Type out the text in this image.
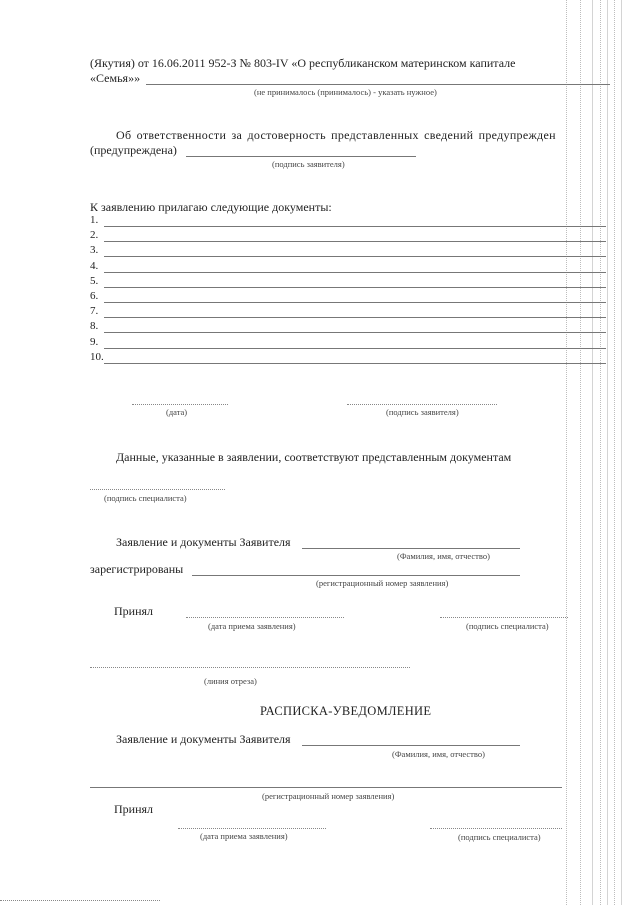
(Якутия) от 16.06.2011 952-З № 803-IV «О республиканском материнском капитале
«Семья»»
(не принималось (принималось) - указать нужное)
Об ответственности за достоверность представленных сведений предупрежден
(предупреждена)
(подпись заявителя)
К заявлению прилагаю следующие документы:
1.
2.
3.
4.
5.
6.
7.
8.
9.
10.
(дата)	(подпись заявителя)
Данные, указанные в заявлении, соответствуют представленным документам
(подпись специалиста)
Заявление и документы Заявителя
(Фамилия, имя, отчество)
зарегистрированы
(регистрационный номер заявления)
Принял
(дата приема заявления)	(подпись специалиста)
(линия отреза)
РАСПИСКА-УВЕДОМЛЕНИЕ
Заявление и документы Заявителя
(Фамилия, имя, отчество)
(регистрационный номер заявления)
Принял
(дата приема заявления)	(подпись специалиста)
